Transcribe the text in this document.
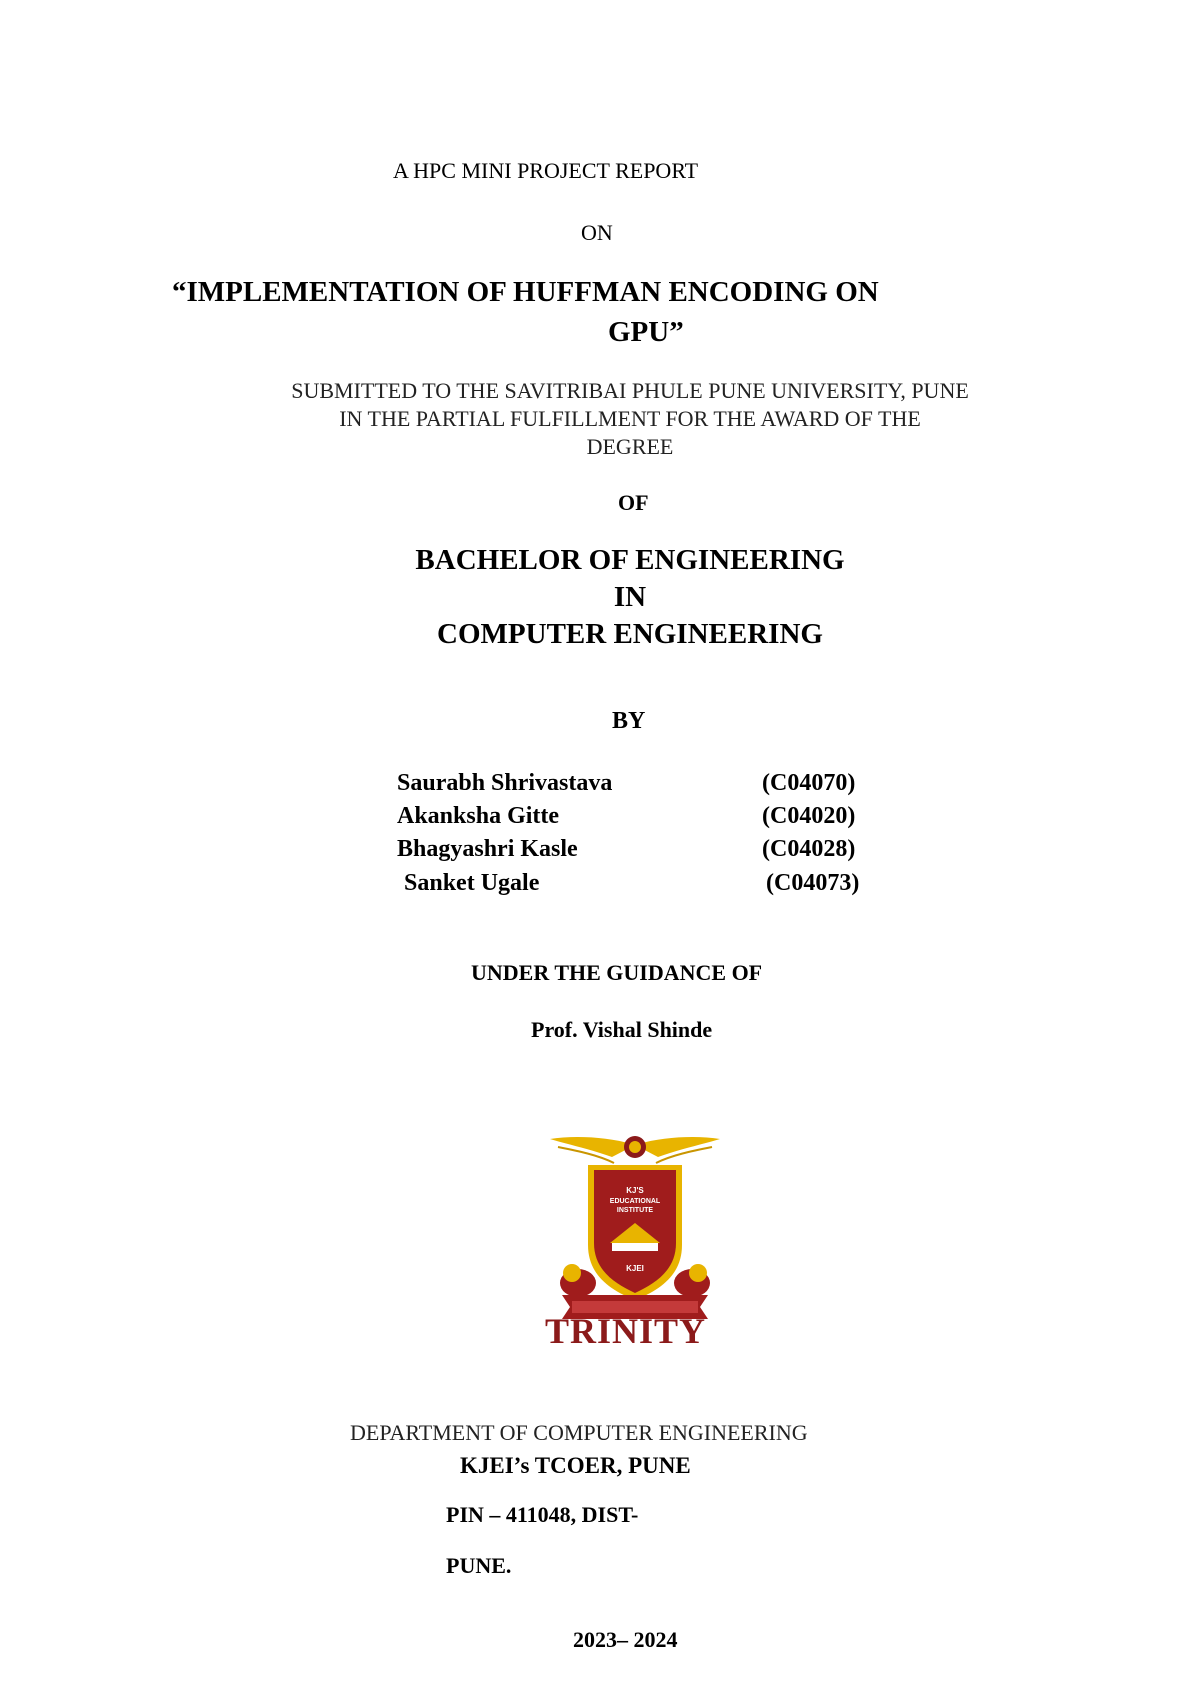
A HPC MINI PROJECT REPORT
ON
“IMPLEMENTATION OF HUFFMAN ENCODING ON
GPU”
SUBMITTED TO THE SAVITRIBAI PHULE PUNE UNIVERSITY, PUNE
IN THE PARTIAL FULFILLMENT FOR THE AWARD OF THE
DEGREE
OF
BACHELOR OF ENGINEERING
IN
COMPUTER ENGINEERING
BY
Saurabh Shrivastava	(C04070)
Akanksha Gitte	(C04020)
Bhagyashri Kasle	(C04028)
Sanket Ugale	(C04073)
UNDER THE GUIDANCE OF
Prof. Vishal Shinde
KJ'S
EDUCATIONAL
INSTITUTE
KJEI
TRINITY
DEPARTMENT OF COMPUTER ENGINEERING
KJEI’s TCOER, PUNE
PIN – 411048, DIST-
PUNE.
2023– 2024
